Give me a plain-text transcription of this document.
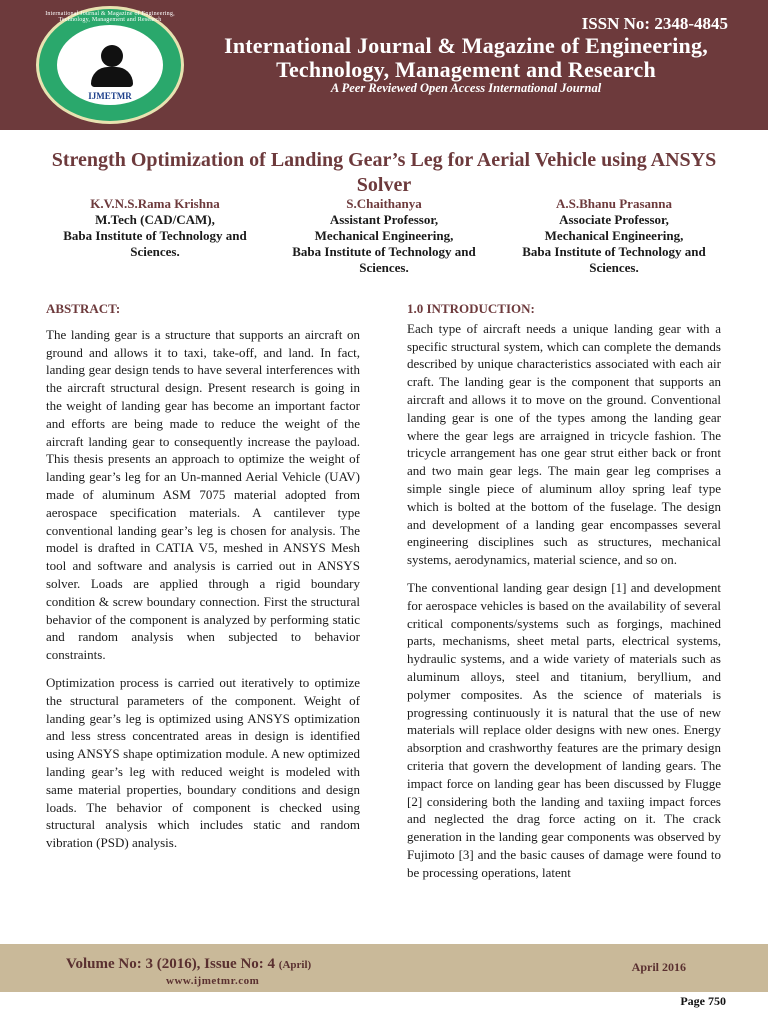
International Journal & Magazine of Engineering, Technology, Management and Research
IJMETMR
ISSN No: 2348-4845
International Journal & Magazine of Engineering,
Technology, Management and Research
A Peer Reviewed Open Access International Journal
Strength Optimization of Landing Gear’s Leg for Aerial Vehicle using ANSYS Solver
K.V.N.S.Rama Krishna
M.Tech (CAD/CAM),
Baba Institute of Technology and Sciences.
S.Chaithanya
Assistant Professor,
Mechanical Engineering,
Baba Institute of Technology and Sciences.
A.S.Bhanu Prasanna
Associate Professor,
Mechanical Engineering,
Baba Institute of Technology and Sciences.
ABSTRACT:

The landing gear is a structure that supports an aircraft on ground and allows it to taxi, take-off, and land. In fact, landing gear design tends to have several interferences with the aircraft structural design. Present research is going in the weight of landing gear has become an important factor and efforts are being made to reduce the weight of the aircraft landing gear to consequently increase the payload. This thesis presents an approach to optimize the weight of landing gear’s leg for an Un-manned Aerial Vehicle (UAV) made of aluminum ASM 7075 material adopted from aerospace specification materials. A cantilever type conventional landing gear’s leg is chosen for analysis. The model is drafted in CATIA V5, meshed in ANSYS Mesh tool and software and analysis is carried out in ANSYS solver. Loads are applied through a rigid boundary condition & screw boundary connection. First the structural behavior of the component is analyzed by performing static and random analysis when subjected to behavior constraints.

Optimization process is carried out iteratively to optimize the structural parameters of the component. Weight of landing gear’s leg is optimized using ANSYS optimization and less stress concentrated areas in design is identified using ANSYS shape optimization module. A new optimized landing gear’s leg with reduced weight is modeled with same material properties, boundary conditions and design loads. The behavior of component is checked using structural analysis which includes static and random vibration (PSD) analysis.

1.0 INTRODUCTION:

Each type of aircraft needs a unique landing gear with a specific structural system, which can complete the demands described by unique characteristics associated with each air craft. The landing gear is the component that supports an aircraft and allows it to move on the ground. Conventional landing gear is one of the types among the landing gear where the gear legs are arraigned in tricycle fashion. The tricycle arrangement has one gear strut either back or front and two main gear legs. The main gear leg comprises a simple single piece of aluminum alloy spring leaf type which is bolted at the bottom of the fuselage. The design and development of a landing gear encompasses several engineering disciplines such as structures, mechanical systems, aerodynamics, material science, and so on.

The conventional landing gear design [1] and development for aerospace vehicles is based on the availability of several critical components/systems such as forgings, machined parts, mechanisms, sheet metal parts, electrical systems, hydraulic systems, and a wide variety of materials such as aluminum alloys, steel and titanium, beryllium, and polymer composites. As the science of materials is progressing continuously it is natural that the use of new materials will replace older designs with new ones. Energy absorption and crashworthy features are the primary design criteria that govern the development of landing gears. The impact force on landing gear has been discussed by Flugge [2] considering both the landing and taxiing impact forces and neglected the drag force acting on it. The crack generation in the landing gear components was observed by Fujimoto [3] and the basic causes of damage were found to be processing operations, latent

Volume No: 3 (2016), Issue No: 4 (April)
www.ijmetmr.com
April 2016
Page 750
